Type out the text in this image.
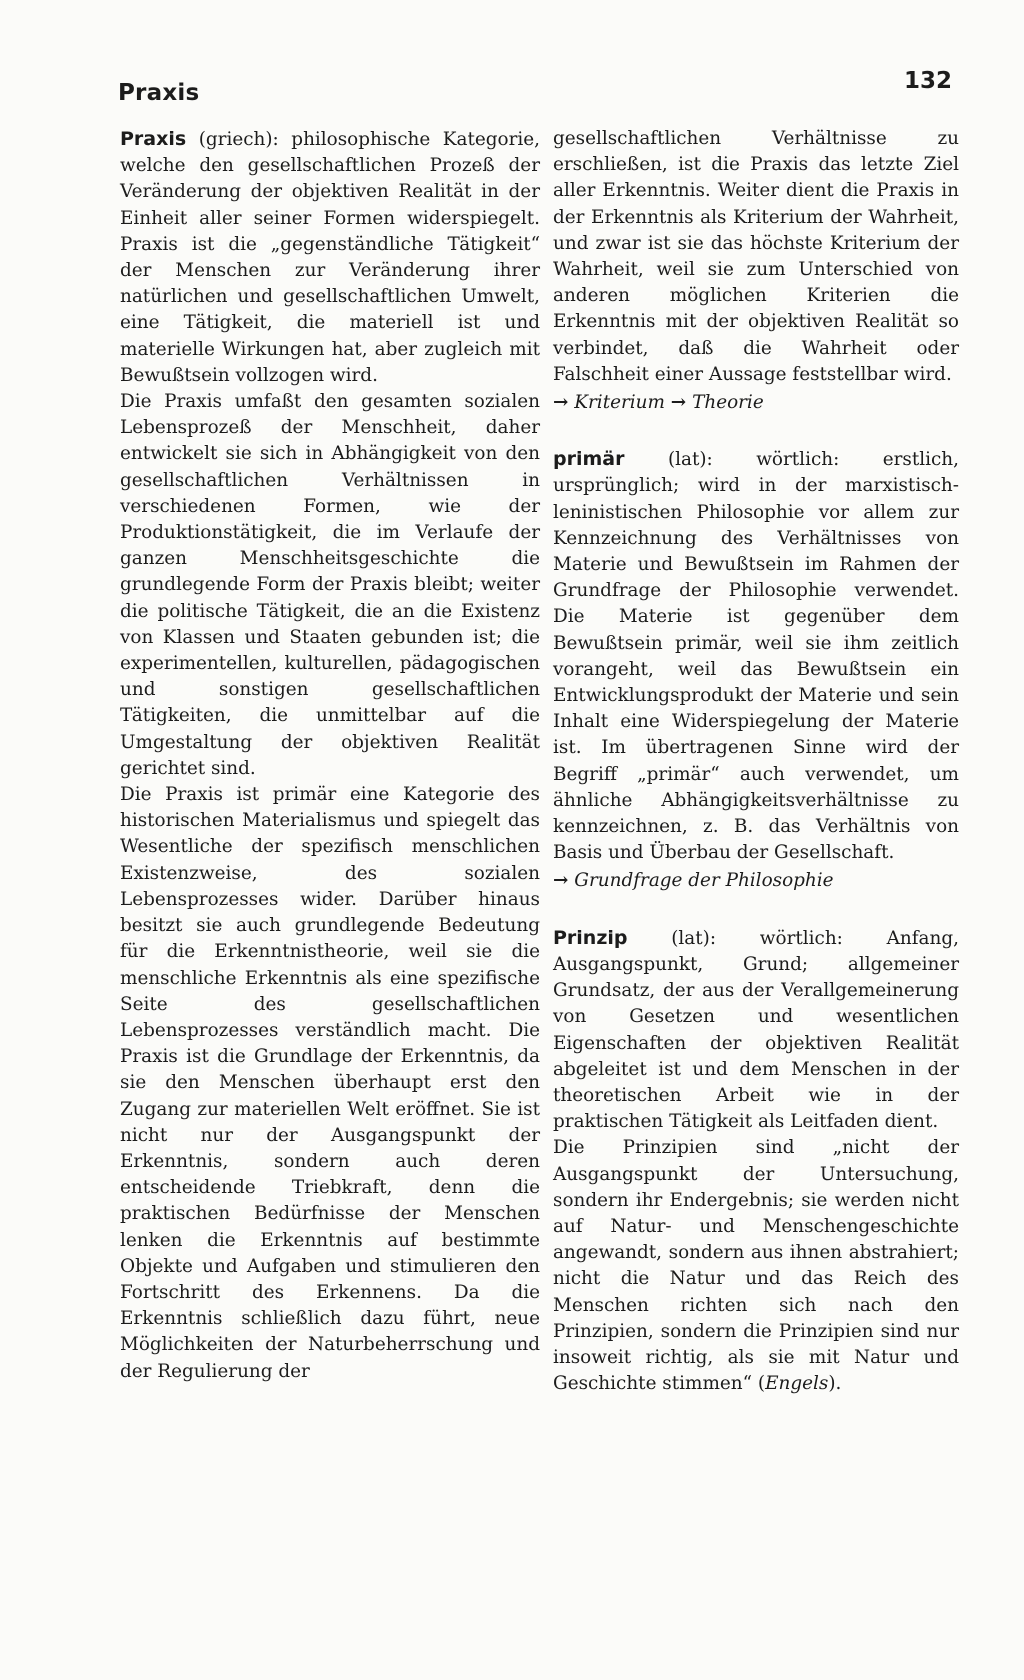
Praxis	132

Praxis (griech): philosophische Kategorie, welche den gesellschaftlichen Prozeß der Veränderung der objektiven Realität in der Einheit aller seiner Formen widerspiegelt. Praxis ist die „gegenständliche Tätigkeit“ der Menschen zur Veränderung ihrer natürlichen und gesellschaftlichen Umwelt, eine Tätigkeit, die materiell ist und materielle Wirkungen hat, aber zugleich mit Bewußtsein vollzogen wird.

Die Praxis umfaßt den gesamten sozialen Lebensprozeß der Menschheit, daher entwickelt sie sich in Abhängigkeit von den gesellschaftlichen Verhältnissen in verschiedenen Formen, wie der Produktionstätigkeit, die im Verlaufe der ganzen Menschheitsgeschichte die grundlegende Form der Praxis bleibt; weiter die politische Tätigkeit, die an die Existenz von Klassen und Staaten gebunden ist; die experimentellen, kulturellen, pädagogischen und sonstigen gesellschaftlichen Tätigkeiten, die unmittelbar auf die Umgestaltung der objektiven Realität gerichtet sind.

Die Praxis ist primär eine Kategorie des historischen Materialismus und spiegelt das Wesentliche der spezifisch menschlichen Existenzweise, des sozialen Lebensprozesses wider. Darüber hinaus besitzt sie auch grundlegende Bedeutung für die Erkenntnistheorie, weil sie die menschliche Erkenntnis als eine spezifische Seite des gesellschaftlichen Lebensprozesses verständlich macht. Die Praxis ist die Grundlage der Erkenntnis, da sie den Menschen überhaupt erst den Zugang zur materiellen Welt eröffnet. Sie ist nicht nur der Ausgangspunkt der Erkenntnis, sondern auch deren entscheidende Triebkraft, denn die praktischen Bedürfnisse der Menschen lenken die Erkenntnis auf bestimmte Objekte und Aufgaben und stimulieren den Fortschritt des Erkennens. Da die Erkenntnis schließlich dazu führt, neue Möglichkeiten der Naturbeherrschung und der Regulierung der

gesellschaftlichen Verhältnisse zu erschließen, ist die Praxis das letzte Ziel aller Erkenntnis. Weiter dient die Praxis in der Erkenntnis als Kriterium der Wahrheit, und zwar ist sie das höchste Kriterium der Wahrheit, weil sie zum Unterschied von anderen möglichen Kriterien die Erkenntnis mit der objektiven Realität so verbindet, daß die Wahrheit oder Falschheit einer Aussage feststellbar wird.

→ Kriterium → Theorie

primär (lat): wörtlich: erstlich, ursprünglich; wird in der marxistisch-leninistischen Philosophie vor allem zur Kennzeichnung des Verhältnisses von Materie und Bewußtsein im Rahmen der Grundfrage der Philosophie verwendet. Die Materie ist gegenüber dem Bewußtsein primär, weil sie ihm zeitlich vorangeht, weil das Bewußtsein ein Entwicklungsprodukt der Materie und sein Inhalt eine Widerspiegelung der Materie ist. Im übertragenen Sinne wird der Begriff „primär“ auch verwendet, um ähnliche Abhängigkeitsverhältnisse zu kennzeichnen, z. B. das Verhältnis von Basis und Überbau der Gesellschaft.

→ Grundfrage der Philosophie

Prinzip (lat): wörtlich: Anfang, Ausgangspunkt, Grund; allgemeiner Grundsatz, der aus der Verallgemeinerung von Gesetzen und wesentlichen Eigenschaften der objektiven Realität abgeleitet ist und dem Menschen in der theoretischen Arbeit wie in der praktischen Tätigkeit als Leitfaden dient.

Die Prinzipien sind „nicht der Ausgangspunkt der Untersuchung, sondern ihr Endergebnis; sie werden nicht auf Natur- und Menschengeschichte angewandt, sondern aus ihnen abstrahiert; nicht die Natur und das Reich des Menschen richten sich nach den Prinzipien, sondern die Prinzipien sind nur insoweit richtig, als sie mit Natur und Geschichte stimmen“ (Engels).
